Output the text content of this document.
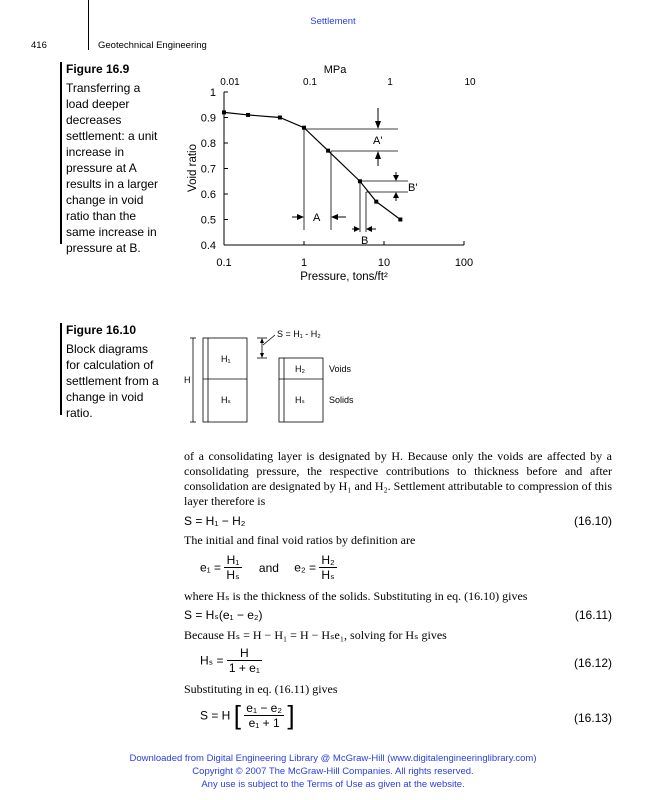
Settlement
416	Geotechnical Engineering
Figure 16.9
Transferring a
load deeper
decreases
settlement: a unit
increase in
pressure at A
results in a larger
change in void
ratio than the
same increase in
pressure at B.
MPa
0.01	0.1	1	10
1
0.9
0.8
0.7
0.6
0.5
0.4
0.1	1	10	100
Void ratio
Pressure, tons/ft²
A
A'
B
B'
Figure 16.10
Block diagrams
for calculation of
settlement from a
change in void
ratio.
H
H₁
Hₛ
H₂
Hₛ
Voids
Solids
S = H₁ - H₂
of a consolidating layer is designated by H. Because only the voids are affected by a consolidating pressure, the respective contributions to thickness before and after consolidation are designated by H₁ and H₂. Settlement attributable to compression of this layer therefore is
S = H₁ − H₂	(16.10)
The initial and final void ratios by definition are
$e_1 = \frac{\text{H₁}}{\text{Hₛ}}$ and $e_2 = \frac{\text{H₂}}{\text{Hₛ}}$
where Hₛ is the thickness of the solids. Substituting in eq. (16.10) gives
S = Hₛ(e₁ − e₂)	(16.11)
Because Hₛ = H − H₁ = H − Hₛe₁, solving for Hₛ gives
$H_s = \frac{H}{\text{1 + e₁}}$	(16.12)
Substituting in eq. (16.11) gives
S = H [ $\frac{\text{e₁ − e₂}}{\text{e₁ + 1}}$ ]	(16.13)
Downloaded from Digital Engineering Library @ McGraw-Hill (www.digitalengineeringlibrary.com)
Copyright © 2007 The McGraw-Hill Companies. All rights reserved.
Any use is subject to the Terms of Use as given at the website.
